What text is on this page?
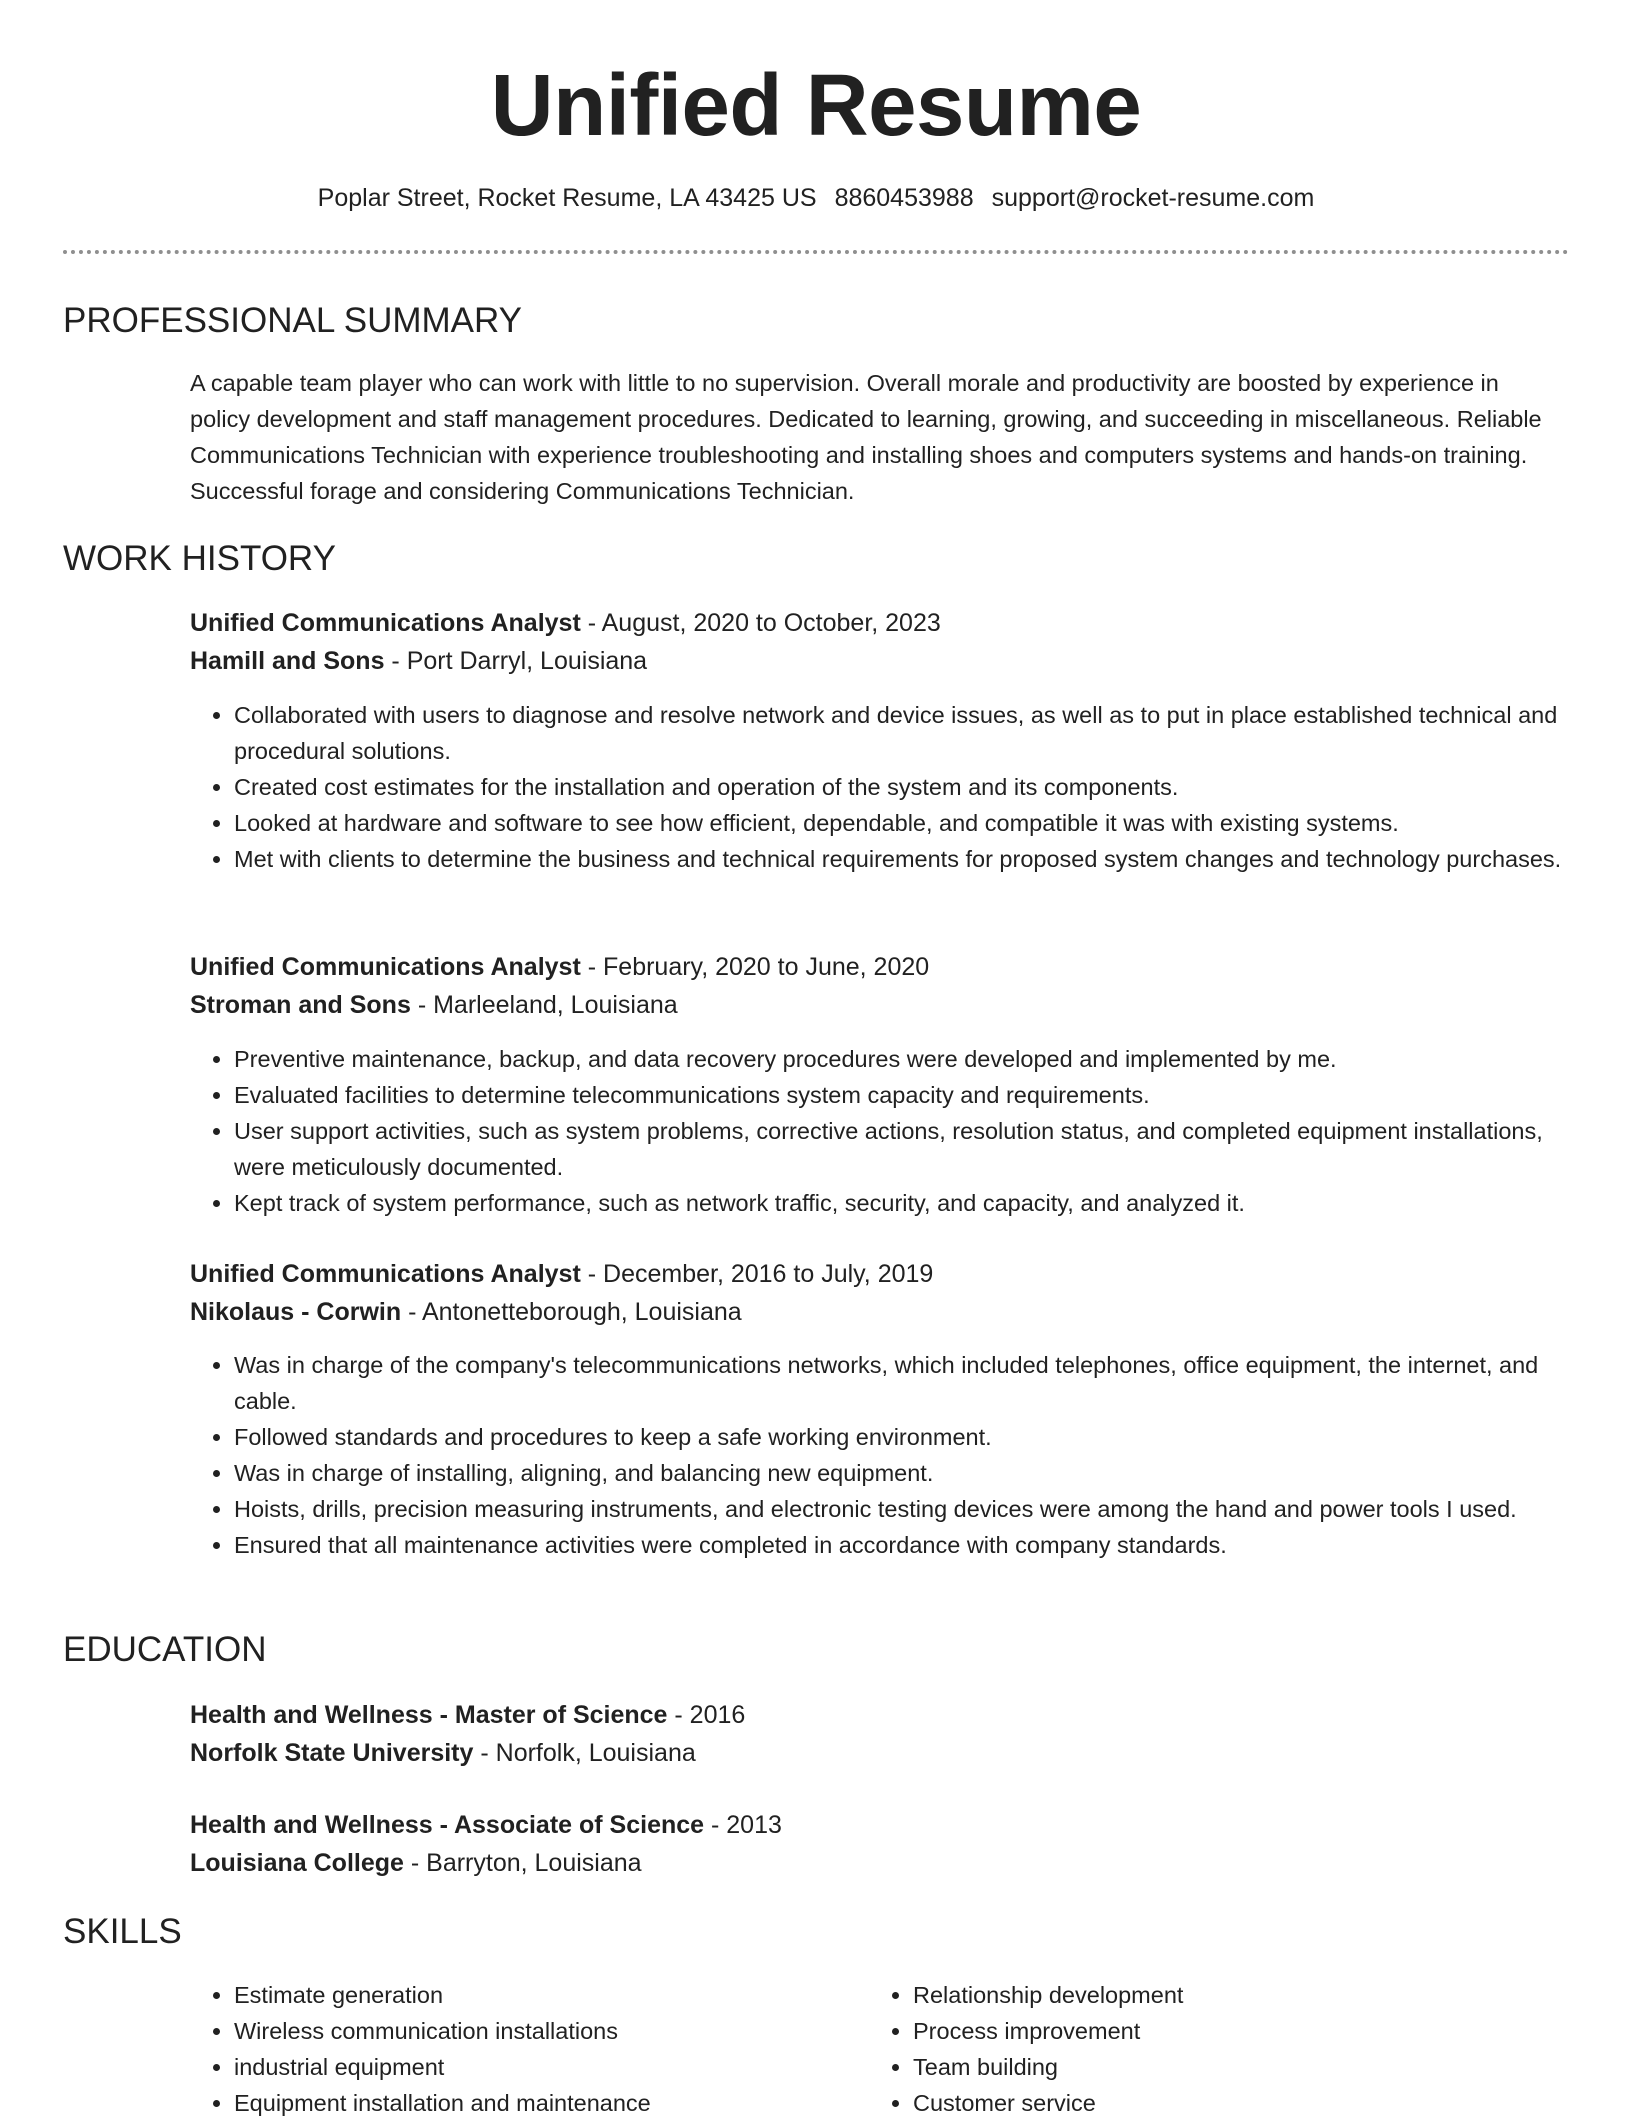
Unified Resume
Poplar Street, Rocket Resume, LA 43425 US 8860453988 support@rocket-resume.com
PROFESSIONAL SUMMARY

A capable team player who can work with little to no supervision. Overall morale and productivity are boosted by experience in policy development and staff management procedures. Dedicated to learning, growing, and succeeding in miscellaneous. Reliable Communications Technician with experience troubleshooting and installing shoes and computers systems and hands-on training. Successful forage and considering Communications Technician.

WORK HISTORY
Unified Communications Analyst - August, 2020 to October, 2023
Hamill and Sons - Port Darryl, Louisiana
• Collaborated with users to diagnose and resolve network and device issues, as well as to put in place established technical and procedural solutions.
• Created cost estimates for the installation and operation of the system and its components.
• Looked at hardware and software to see how efficient, dependable, and compatible it was with existing systems.
• Met with clients to determine the business and technical requirements for proposed system changes and technology purchases.
Unified Communications Analyst - February, 2020 to June, 2020
Stroman and Sons - Marleeland, Louisiana
• Preventive maintenance, backup, and data recovery procedures were developed and implemented by me.
• Evaluated facilities to determine telecommunications system capacity and requirements.
• User support activities, such as system problems, corrective actions, resolution status, and completed equipment installations, were meticulously documented.
• Kept track of system performance, such as network traffic, security, and capacity, and analyzed it.
Unified Communications Analyst - December, 2016 to July, 2019
Nikolaus - Corwin - Antonetteborough, Louisiana
• Was in charge of the company's telecommunications networks, which included telephones, office equipment, the internet, and cable.
• Followed standards and procedures to keep a safe working environment.
• Was in charge of installing, aligning, and balancing new equipment.
• Hoists, drills, precision measuring instruments, and electronic testing devices were among the hand and power tools I used.
• Ensured that all maintenance activities were completed in accordance with company standards.
EDUCATION
Health and Wellness - Master of Science - 2016
Norfolk State University - Norfolk, Louisiana
Health and Wellness - Associate of Science - 2013
Louisiana College - Barryton, Louisiana
SKILLS
• Estimate generation
• Wireless communication installations
• industrial equipment
• Equipment installation and maintenance
• Relationship development
• Process improvement
• Team building
• Customer service
